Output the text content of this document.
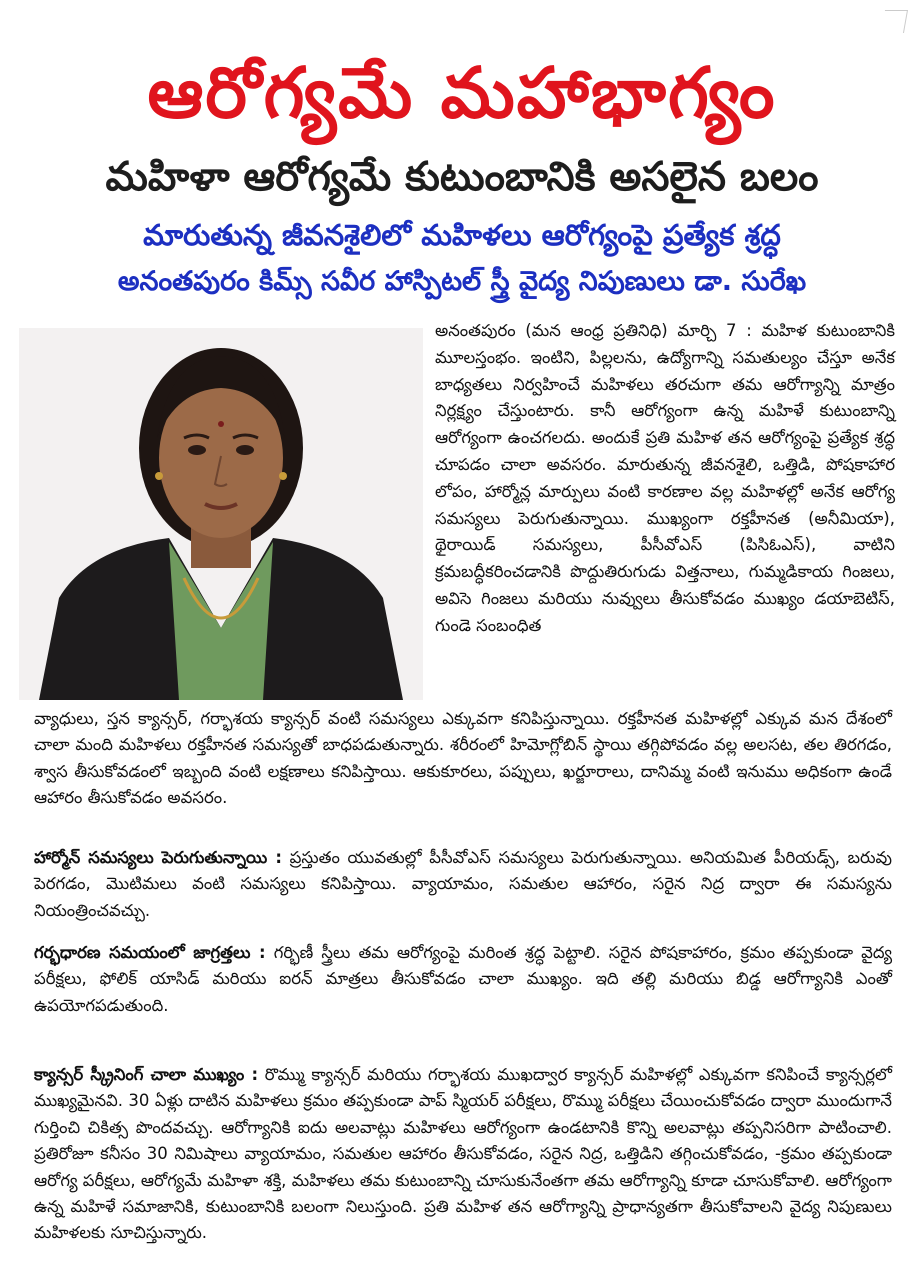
ఆరోగ్యమే మహాభాగ్యం
మహిళా ఆరోగ్యమే కుటుంబానికి అసలైన బలం
మారుతున్న జీవనశైలిలో మహిళలు ఆరోగ్యంపై ప్రత్యేక శ్రద్ధ
అనంతపురం కిమ్స్ సవీర హాస్పిటల్ స్త్రీ వైద్య నిపుణులు డా. సురేఖ
అనంతపురం (మన ఆంధ్ర ప్రతినిధి) మార్చి 7 : మహిళ కుటుంబానికి మూలస్తంభం. ఇంటిని, పిల్లలను, ఉద్యోగాన్ని సమతుల్యం చేస్తూ అనేక బాధ్యతలు నిర్వహించే మహిళలు తరచుగా తమ ఆరోగ్యాన్ని మాత్రం నిర్లక్ష్యం చేస్తుంటారు. కానీ ఆరోగ్యంగా ఉన్న మహిళే కుటుంబాన్ని ఆరోగ్యంగా ఉంచగలదు. అందుకే ప్రతి మహిళ తన ఆరోగ్యంపై ప్రత్యేక శ్రద్ధ చూపడం చాలా అవసరం. మారుతున్న జీవనశైలి, ఒత్తిడి, పోషకాహార లోపం, హార్మోన్ల మార్పులు వంటి కారణాల వల్ల మహిళల్లో అనేక ఆరోగ్య సమస్యలు పెరుగుతున్నాయి. ముఖ్యంగా రక్తహీనత (అనీమియా), థైరాయిడ్ సమస్యలు, పీసీవోఎస్ (పిసిఓఎస్), వాటిని క్రమబద్ధీకరించడానికి పొద్దుతిరుగుడు విత్తనాలు, గుమ్మడికాయ గింజలు, అవిసె గింజలు మరియు నువ్వులు తీసుకోవడం ముఖ్యం డయాబెటిస్, గుండె సంబంధిత
వ్యాధులు, స్తన క్యాన్సర్, గర్భాశయ క్యాన్సర్ వంటి సమస్యలు ఎక్కువగా కనిపిస్తున్నాయి. రక్తహీనత మహిళల్లో ఎక్కువ మన దేశంలో చాలా మంది మహిళలు రక్తహీనత సమస్యతో బాధపడుతున్నారు. శరీరంలో హిమోగ్లోబిన్ స్థాయి తగ్గిపోవడం వల్ల అలసట, తల తిరగడం, శ్వాస తీసుకోవడంలో ఇబ్బంది వంటి లక్షణాలు కనిపిస్తాయి. ఆకుకూరలు, పప్పులు, ఖర్జూరాలు, దానిమ్మ వంటి ఇనుము అధికంగా ఉండే ఆహారం తీసుకోవడం అవసరం.
హార్మోన్ సమస్యలు పెరుగుతున్నాయి : ప్రస్తుతం యువతుల్లో పీసీవోఎస్ సమస్యలు పెరుగుతున్నాయి. అనియమిత పీరియడ్స్, బరువు పెరగడం, మొటిమలు వంటి సమస్యలు కనిపిస్తాయి. వ్యాయామం, సమతుల ఆహారం, సరైన నిద్ర ద్వారా ఈ సమస్యను నియంత్రించవచ్చు.
గర్భధారణ సమయంలో జాగ్రత్తలు : గర్భిణీ స్త్రీలు తమ ఆరోగ్యంపై మరింత శ్రద్ధ పెట్టాలి. సరైన పోషకాహారం, క్రమం తప్పకుండా వైద్య పరీక్షలు, ఫోలిక్ యాసిడ్ మరియు ఐరన్ మాత్రలు తీసుకోవడం చాలా ముఖ్యం. ఇది తల్లి మరియు బిడ్డ ఆరోగ్యానికి ఎంతో ఉపయోగపడుతుంది.
క్యాన్సర్ స్క్రీనింగ్ చాలా ముఖ్యం : రొమ్ము క్యాన్సర్ మరియు గర్భాశయ ముఖద్వార క్యాన్సర్ మహిళల్లో ఎక్కువగా కనిపించే క్యాన్సర్లలో ముఖ్యమైనవి. 30 ఏళ్లు దాటిన మహిళలు క్రమం తప్పకుండా పాప్ స్మియర్ పరీక్షలు, రొమ్ము పరీక్షలు చేయించుకోవడం ద్వారా ముందుగానే గుర్తించి చికిత్స పొందవచ్చు. ఆరోగ్యానికి ఐదు అలవాట్లు మహిళలు ఆరోగ్యంగా ఉండటానికి కొన్ని అలవాట్లు తప్పనిసరిగా పాటించాలి. ప్రతిరోజూ కనీసం 30 నిమిషాలు వ్యాయామం, సమతుల ఆహారం తీసుకోవడం, సరైన నిద్ర, ఒత్తిడిని తగ్గించుకోవడం, -క్రమం తప్పకుండా ఆరోగ్య పరీక్షలు, ఆరోగ్యమే మహిళా శక్తి, మహిళలు తమ కుటుంబాన్ని చూసుకునేంతగా తమ ఆరోగ్యాన్ని కూడా చూసుకోవాలి. ఆరోగ్యంగా ఉన్న మహిళే సమాజానికి, కుటుంబానికి బలంగా నిలుస్తుంది. ప్రతి మహిళ తన ఆరోగ్యాన్ని ప్రాధాన్యతగా తీసుకోవాలని వైద్య నిపుణులు మహిళలకు సూచిస్తున్నారు.
